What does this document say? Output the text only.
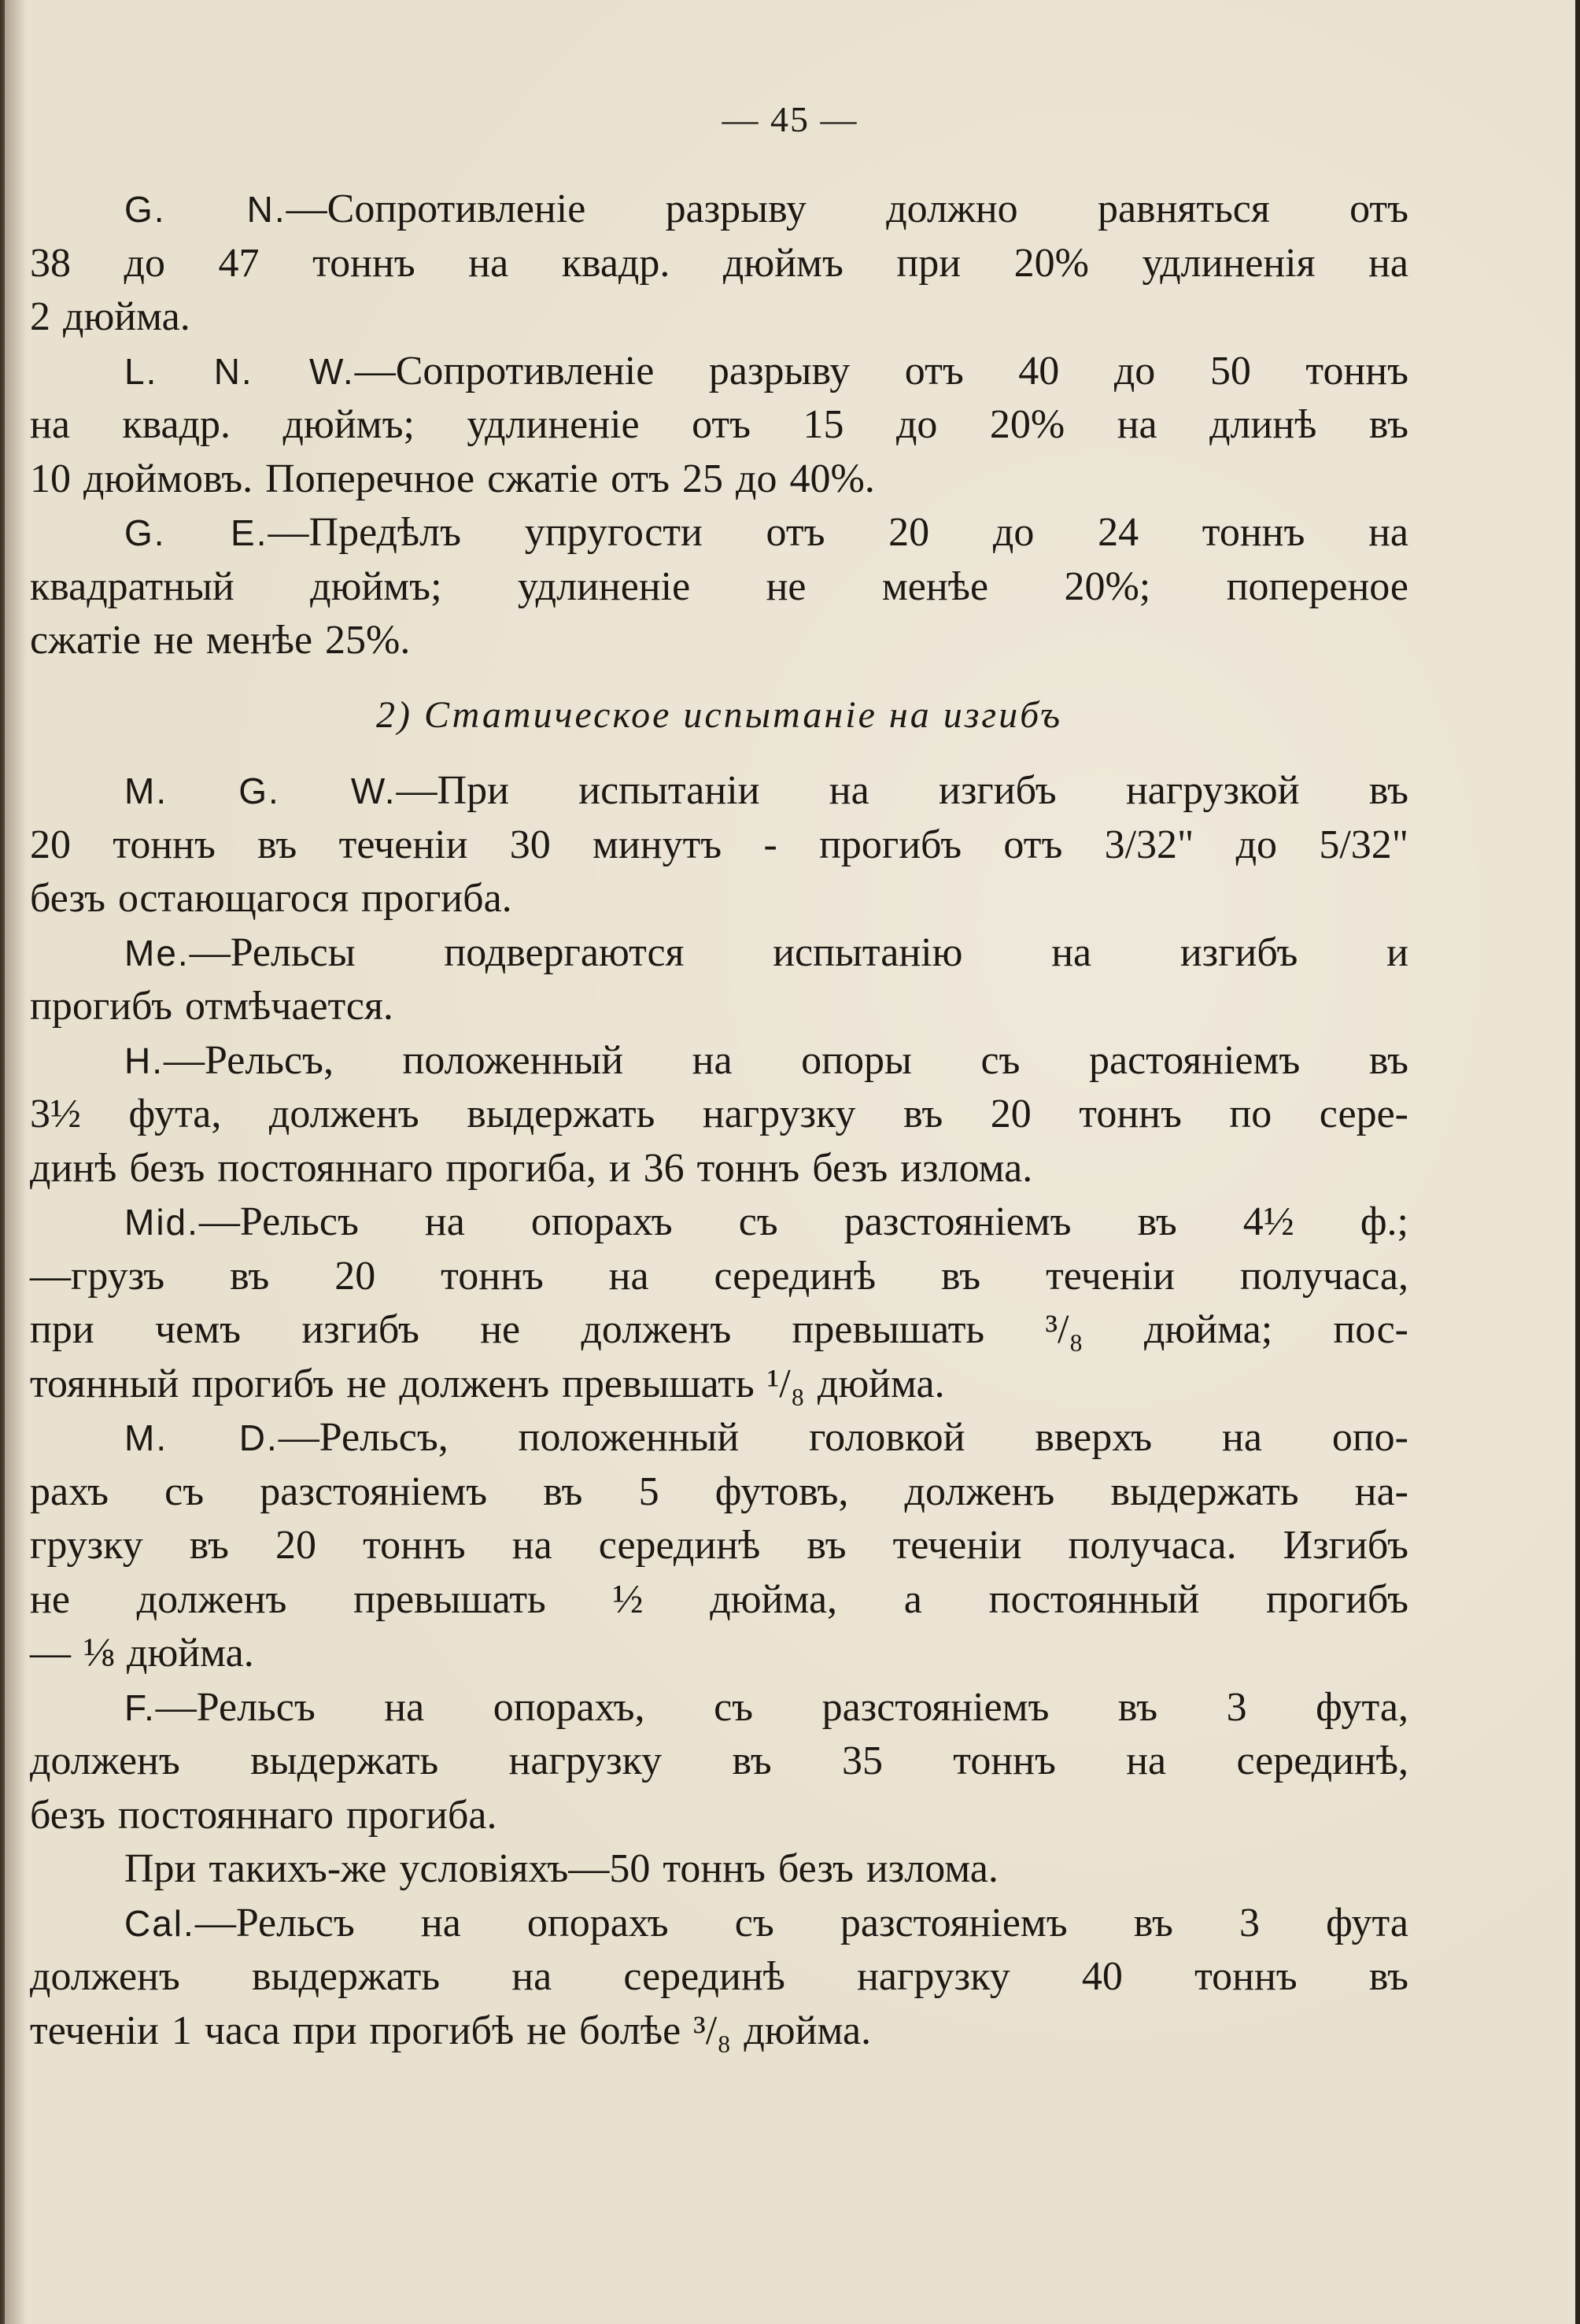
— 45 —
G. N.—Сопротивленіе разрыву должно равняться отъ
38 до 47 тоннъ на квадр. дюймъ при 20% удлиненія на
2 дюйма.
L. N. W.—Сопротивленіе разрыву отъ 40 до 50 тоннъ
на квадр. дюймъ; удлиненіе отъ 15 до 20% на длинѣ въ
10 дюймовъ. Поперечное сжатіе отъ 25 до 40%.
G. E.—Предѣлъ упругости отъ 20 до 24 тоннъ на
квадратный дюймъ; удлиненіе не менѣе 20%; попереное
сжатіе не менѣе 25%.
2) Статическое испытаніе на изгибъ
M. G. W.—При испытаніи на изгибъ нагрузкой въ
20 тоннъ въ теченіи 30 минутъ - прогибъ отъ 3/32" до 5/32"
безъ остающагося прогиба.
Me.—Рельсы подвергаются испытанію на изгибъ и
прогибъ отмѣчается.
H.—Рельсъ, положенный на опоры съ растояніемъ въ
3½ фута, долженъ выдержать нагрузку въ 20 тоннъ по сере-
динѣ безъ постояннаго прогиба, и 36 тоннъ безъ излома.
Mid.—Рельсъ на опорахъ съ разстояніемъ въ 4½ ф.;
—грузъ въ 20 тоннъ на серединѣ въ теченіи получаса,
при чемъ изгибъ не долженъ превышать ³/₈ дюйма; пос-
тоянный прогибъ не долженъ превышать ¹/₈ дюйма.
M. D.—Рельсъ, положенный головкой вверхъ на опо-
рахъ съ разстояніемъ въ 5 футовъ, долженъ выдержать на-
грузку въ 20 тоннъ на серединѣ въ теченіи получаса. Изгибъ
не долженъ превышать ½ дюйма, а постоянный прогибъ
— ⅛ дюйма.
F.—Рельсъ на опорахъ, съ разстояніемъ въ 3 фута,
долженъ выдержать нагрузку въ 35 тоннъ на серединѣ,
безъ постояннаго прогиба.
При такихъ-же условіяхъ—50 тоннъ безъ излома.
Cal.—Рельсъ на опорахъ съ разстояніемъ въ 3 фута
долженъ выдержать на серединѣ нагрузку 40 тоннъ въ
теченіи 1 часа при прогибѣ не болѣе ³/₈ дюйма.
